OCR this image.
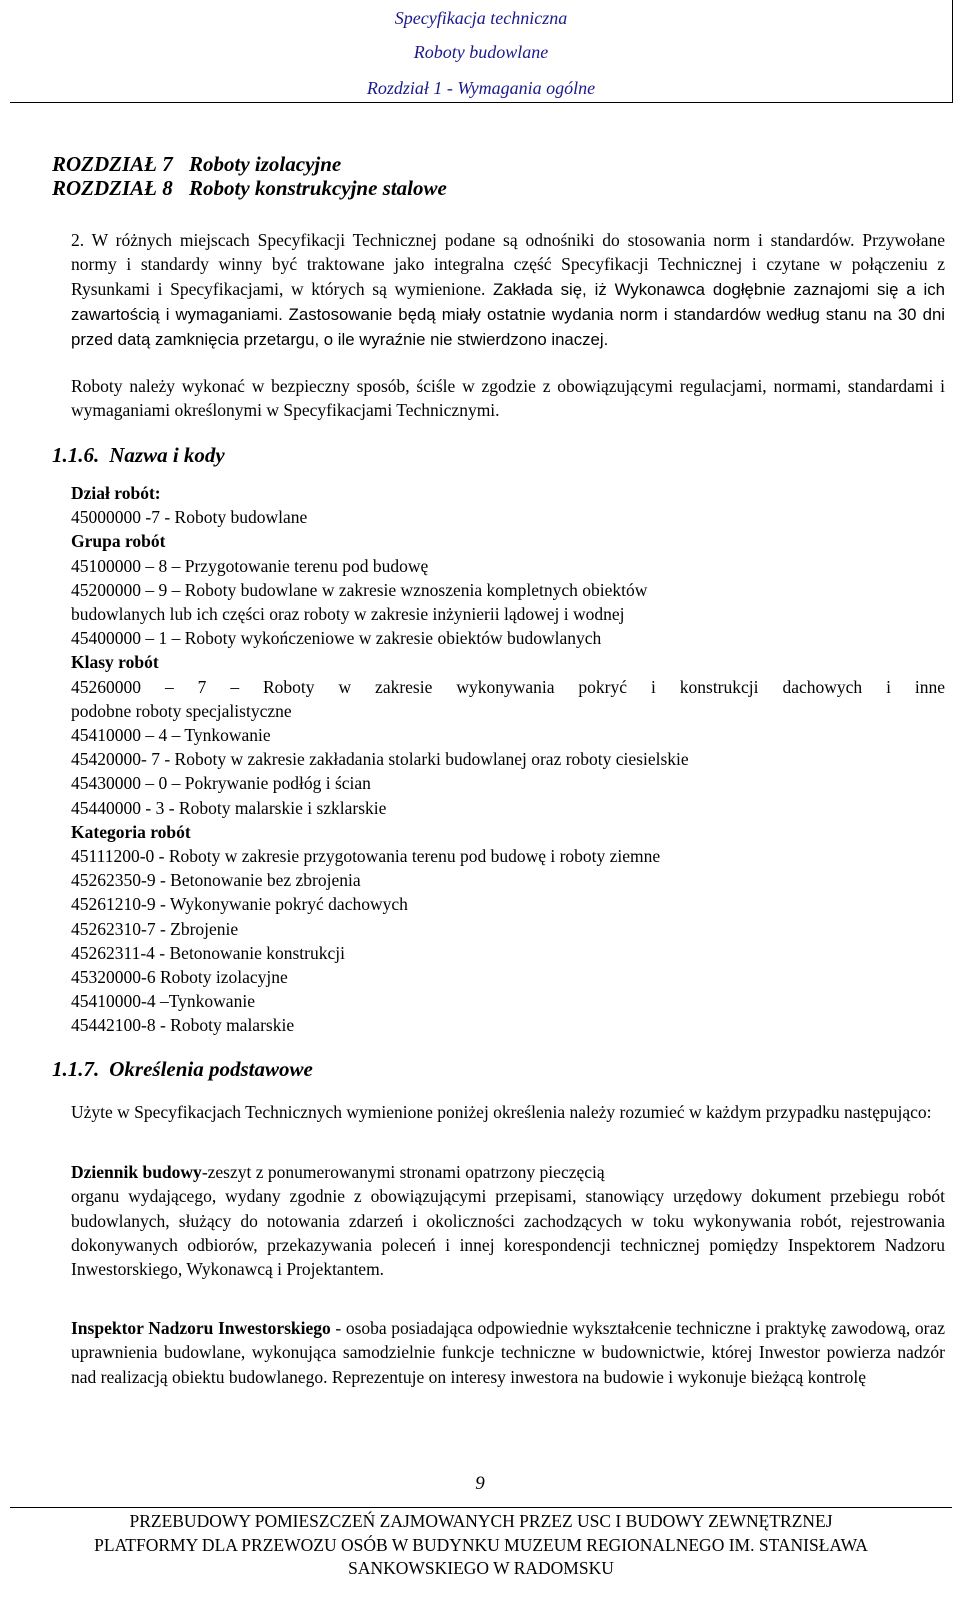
Specyfikacja techniczna
Roboty budowlane
Rozdział 1 - Wymagania ogólne
ROZDZIAŁ 7 Roboty izolacyjne
ROZDZIAŁ 8 Roboty konstrukcyjne stalowe
2. W różnych miejscach Specyfikacji Technicznej podane są odnośniki do stosowania norm i standardów. Przywołane normy i standardy winny być traktowane jako integralna część Specyfikacji Technicznej i czytane w połączeniu z Rysunkami i Specyfikacjami, w których są wymienione. Zakłada się, iż Wykonawca dogłębnie zaznajomi się a ich zawartością i wymaganiami. Zastosowanie będą miały ostatnie wydania norm i standardów według stanu na 30 dni przed datą zamknięcia przetargu, o ile wyraźnie nie stwierdzono inaczej.
Roboty należy wykonać w bezpieczny sposób, ściśle w zgodzie z obowiązującymi regulacjami, normami, standardami i wymaganiami określonymi w Specyfikacjami Technicznymi.
1.1.6. Nazwa i kody
Dział robót:
45000000 -7 - Roboty budowlane
Grupa robót
45100000 – 8 – Przygotowanie terenu pod budowę
45200000 – 9 – Roboty budowlane w zakresie wznoszenia kompletnych obiektów
budowlanych lub ich części oraz roboty w zakresie inżynierii lądowej i wodnej
45400000 – 1 – Roboty wykończeniowe w zakresie obiektów budowlanych
Klasy robót
45260000 – 7 – Roboty w zakresie wykonywania pokryć i konstrukcji dachowych i inne
podobne roboty specjalistyczne
45410000 – 4 – Tynkowanie
45420000- 7 - Roboty w zakresie zakładania stolarki budowlanej oraz roboty ciesielskie
45430000 – 0 – Pokrywanie podłóg i ścian
45440000 - 3 - Roboty malarskie i szklarskie
Kategoria robót
45111200-0 - Roboty w zakresie przygotowania terenu pod budowę i roboty ziemne
45262350-9 - Betonowanie bez zbrojenia
45261210-9 - Wykonywanie pokryć dachowych
45262310-7 - Zbrojenie
45262311-4 - Betonowanie konstrukcji
45320000-6 Roboty izolacyjne
45410000-4 –Tynkowanie
45442100-8 - Roboty malarskie
1.1.7. Określenia podstawowe
Użyte w Specyfikacjach Technicznych wymienione poniżej określenia należy rozumieć w każdym przypadku następująco:
Dziennik budowy-zeszyt z ponumerowanymi stronami opatrzony pieczęcią
organu wydającego, wydany zgodnie z obowiązującymi przepisami, stanowiący urzędowy dokument przebiegu robót budowlanych, służący do notowania zdarzeń i okoliczności zachodzących w toku wykonywania robót, rejestrowania dokonywanych odbiorów, przekazywania poleceń i innej korespondencji technicznej pomiędzy Inspektorem Nadzoru Inwestorskiego, Wykonawcą i Projektantem.
Inspektor Nadzoru Inwestorskiego - osoba posiadająca odpowiednie wykształcenie techniczne i praktykę zawodową, oraz uprawnienia budowlane, wykonująca samodzielnie funkcje techniczne w budownictwie, której Inwestor powierza nadzór nad realizacją obiektu budowlanego. Reprezentuje on interesy inwestora na budowie i wykonuje bieżącą kontrolę
9
PRZEBUDOWY POMIESZCZEŃ ZAJMOWANYCH PRZEZ USC I BUDOWY ZEWNĘTRZNEJ
PLATFORMY DLA PRZEWOZU OSÓB W BUDYNKU MUZEUM REGIONALNEGO IM. STANISŁAWA
SANKOWSKIEGO W RADOMSKU
